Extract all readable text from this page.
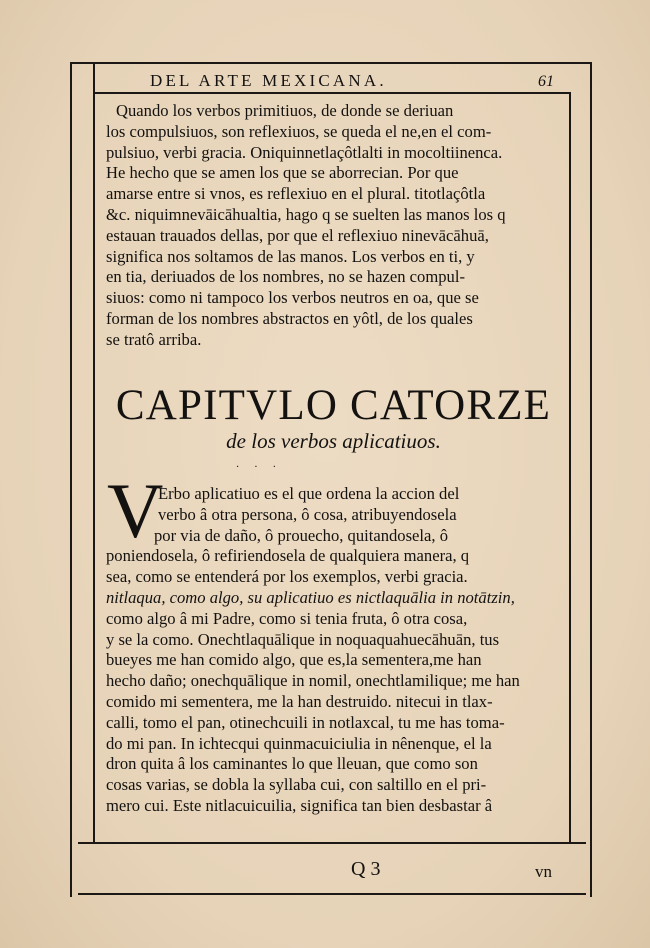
DEL ARTE MEXICANA.	61
Quando los verbos primitiuos, de donde se deriuan
los compulsiuos, son reflexiuos, se queda el ne,en el com-
pulsiuo, verbi gracia. Oniquinnetlaçôtlalti in mocoltiinenca.
He hecho que se amen los que se aborrecian. Por que
amarse entre si vnos, es reflexiuo en el plural. titotlaçôtla
&c. niquimnevāicāhualtia, hago q se suelten las manos los q
estauan trauados dellas, por que el reflexiuo ninevācāhuā,
significa nos soltamos de las manos. Los verbos en ti, y
en tia, deriuados de los nombres, no se hazen compul-
siuos: como ni tampoco los verbos neutros en oa, que se
forman de los nombres abstractos en yôtl, de los quales
se tratô arriba.
CAPITVLO CATORZE
de los verbos aplicatiuos.
· · ·
V
Erbo aplicatiuo es el que ordena la accion del
verbo â otra persona, ô cosa, atribuyendosela
por via de daño, ô prouecho, quitandosela, ô
poniendosela, ô refiriendosela de qualquiera manera, q
sea, como se entenderá por los exemplos, verbi gracia.
nitlaqua, como algo, su aplicatiuo es nictlaquālia in notātzin,
como algo â mi Padre, como si tenia fruta, ô otra cosa,
y se la como. Onechtlaquālique in noquaquahuecāhuān, tus
bueyes me han comido algo, que es,la sementera,me han
hecho daño; onechquālique in nomil, onechtlamilique; me han
comido mi sementera, me la han destruido. nitecui in tlax-
calli, tomo el pan, otinechcuili in notlaxcal, tu me has toma-
do mi pan. In ichtecqui quinmacuiciulia in nênenque, el la
dron quita â los caminantes lo que lleuan, que como son
cosas varias, se dobla la syllaba cui, con saltillo en el pri-
mero cui. Este nitlacuicuilia, significa tan bien desbastar â
Q 3	vn
